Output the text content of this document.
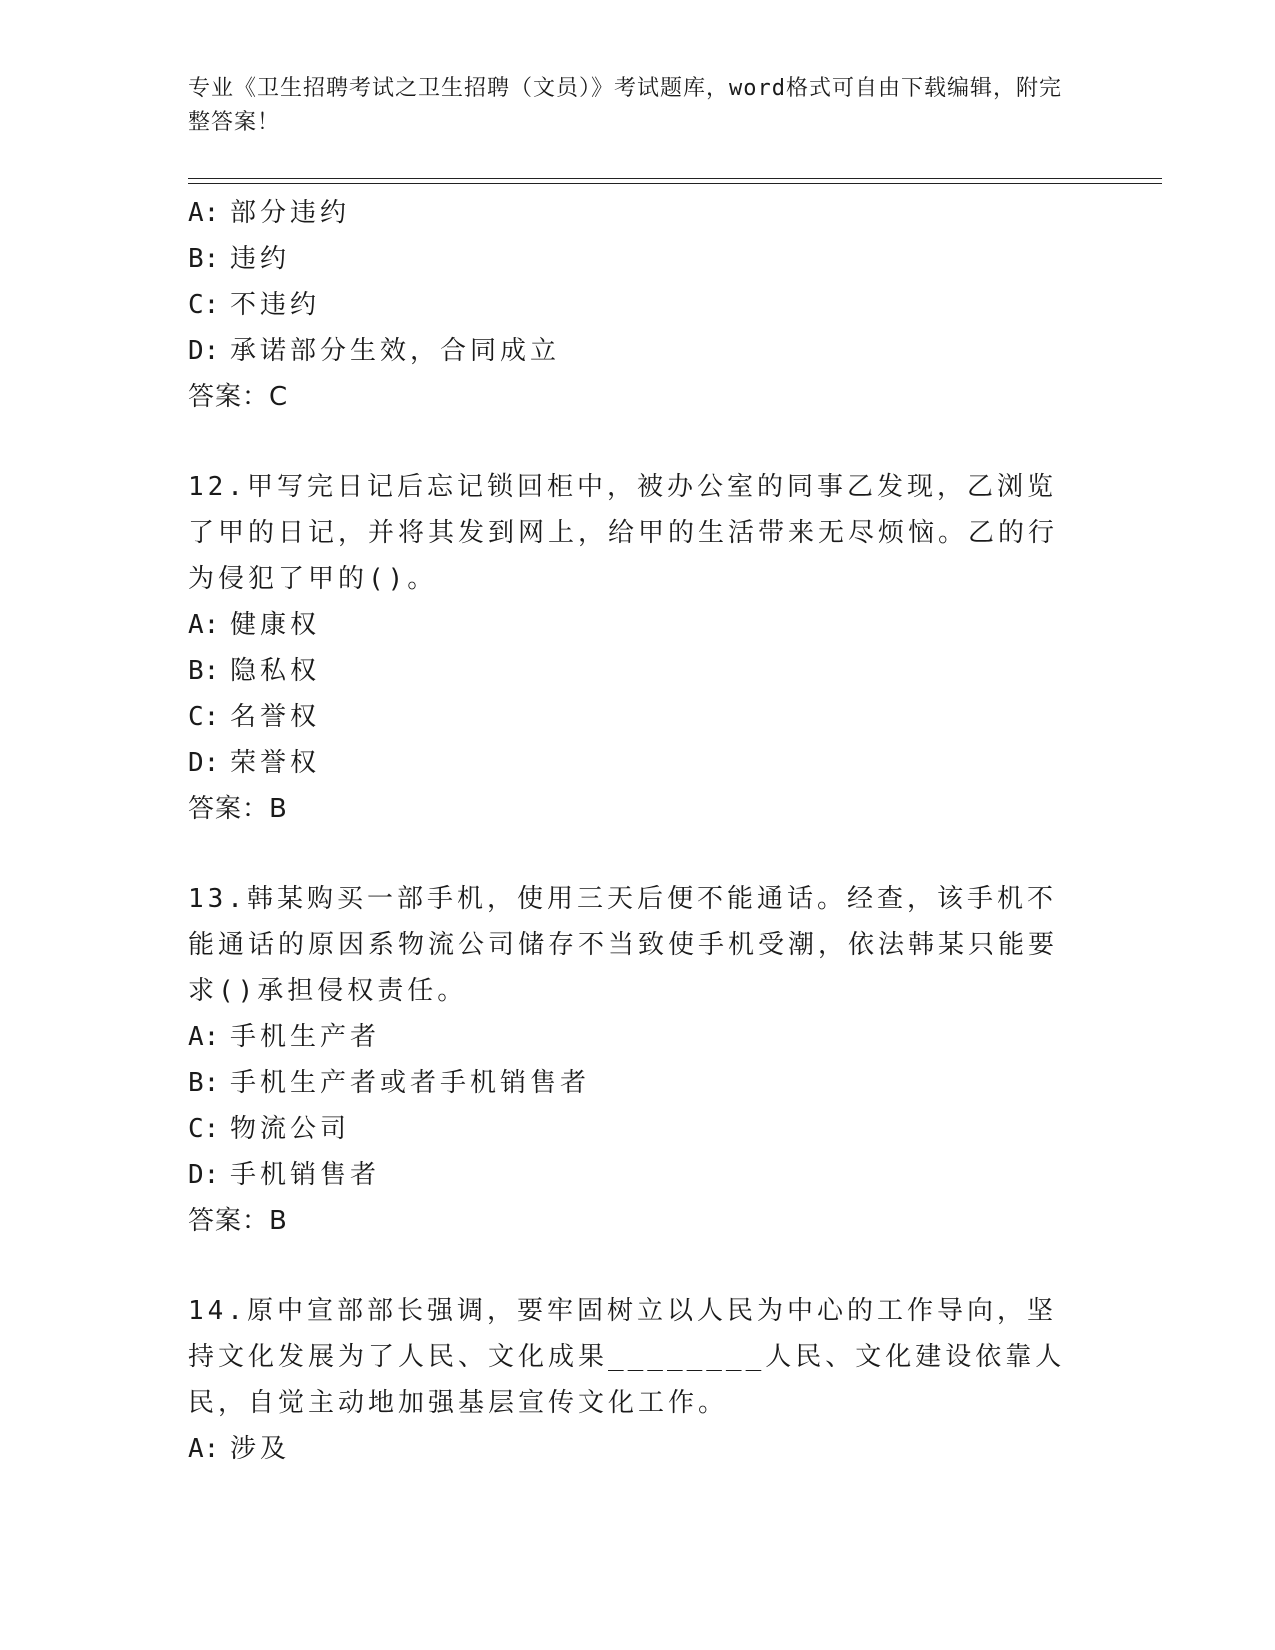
专业《卫生招聘考试之卫生招聘（文员）》考试题库，word格式可自由下载编辑，附完整答案！
A: 部分违约
B: 违约
C: 不违约
D: 承诺部分生效，合同成立
答案：C
12.甲写完日记后忘记锁回柜中，被办公室的同事乙发现，乙浏览了甲的日记，并将其发到网上，给甲的生活带来无尽烦恼。乙的行为侵犯了甲的()。
A: 健康权
B: 隐私权
C: 名誉权
D: 荣誉权
答案：B
13.韩某购买一部手机，使用三天后便不能通话。经查，该手机不能通话的原因系物流公司储存不当致使手机受潮，依法韩某只能要求()承担侵权责任。
A: 手机生产者
B: 手机生产者或者手机销售者
C: 物流公司
D: 手机销售者
答案：B
14.原中宣部部长强调，要牢固树立以人民为中心的工作导向，坚持文化发展为了人民、文化成果________人民、文化建设依靠人民，自觉主动地加强基层宣传文化工作。
A: 涉及
